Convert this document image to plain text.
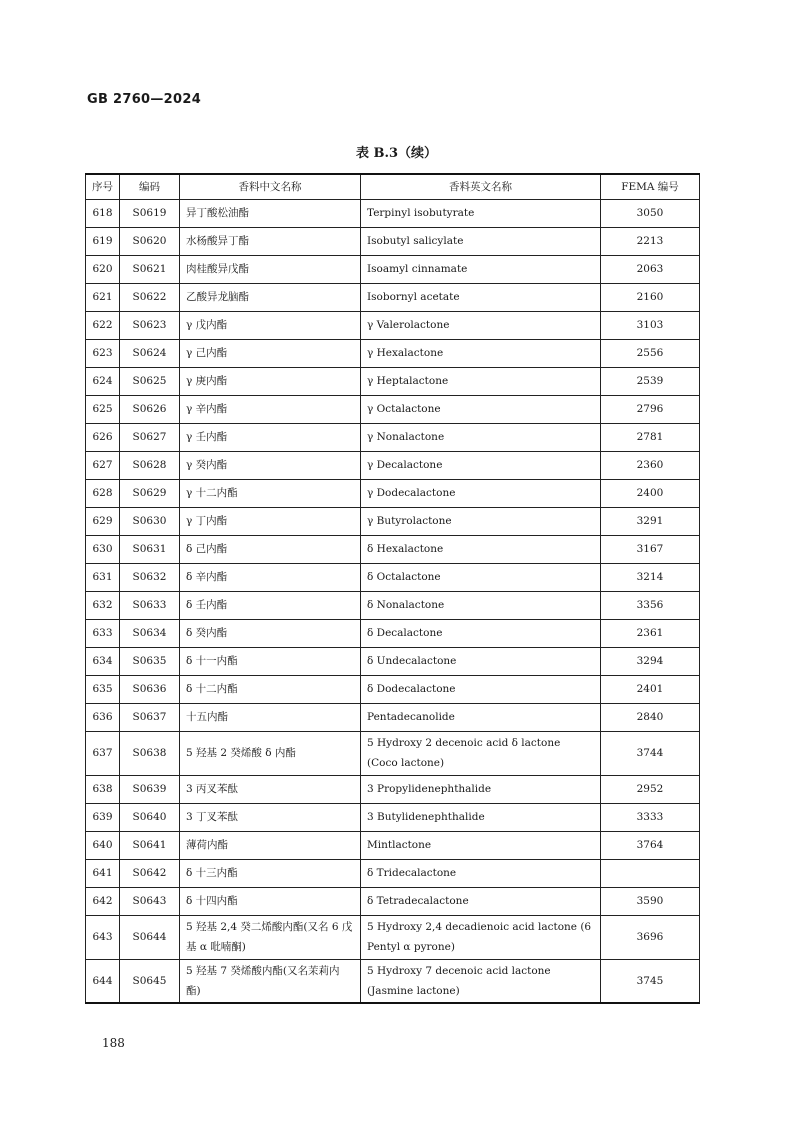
GB 2760—2024
表 B.3（续）
序号	编码	香料中文名称	香料英文名称	FEMA 编号
618	S0619	异丁酸松油酯	Terpinyl isobutyrate	3050
619	S0620	水杨酸异丁酯	Isobutyl salicylate	2213
620	S0621	肉桂酸异戊酯	Isoamyl cinnamate	2063
621	S0622	乙酸异龙脑酯	Isobornyl acetate	2160
622	S0623	γ 戊内酯	γ Valerolactone	3103
623	S0624	γ 己内酯	γ Hexalactone	2556
624	S0625	γ 庚内酯	γ Heptalactone	2539
625	S0626	γ 辛内酯	γ Octalactone	2796
626	S0627	γ 壬内酯	γ Nonalactone	2781
627	S0628	γ 癸内酯	γ Decalactone	2360
628	S0629	γ 十二内酯	γ Dodecalactone	2400
629	S0630	γ 丁内酯	γ Butyrolactone	3291
630	S0631	δ 己内酯	δ Hexalactone	3167
631	S0632	δ 辛内酯	δ Octalactone	3214
632	S0633	δ 壬内酯	δ Nonalactone	3356
633	S0634	δ 癸内酯	δ Decalactone	2361
634	S0635	δ 十一内酯	δ Undecalactone	3294
635	S0636	δ 十二内酯	δ Dodecalactone	2401
636	S0637	十五内酯	Pentadecanolide	2840
637	S0638	5 羟基 2 癸烯酸 δ 内酯	5 Hydroxy 2 decenoic acid δ lactone (Coco lactone)	3744
638	S0639	3 丙叉苯酞	3 Propylidenephthalide	2952
639	S0640	3 丁叉苯酞	3 Butylidenephthalide	3333
640	S0641	薄荷内酯	Mintlactone	3764
641	S0642	δ 十三内酯	δ Tridecalactone	
642	S0643	δ 十四内酯	δ Tetradecalactone	3590
643	S0644	5 羟基 2,4 癸二烯酸内酯(又名 6 戊基 α 吡喃酮)	5 Hydroxy 2,4 decadienoic acid lactone (6 Pentyl α pyrone)	3696
644	S0645	5 羟基 7 癸烯酸内酯(又名茉莉内酯)	5 Hydroxy 7 decenoic acid lactone (Jasmine lactone)	3745
188
